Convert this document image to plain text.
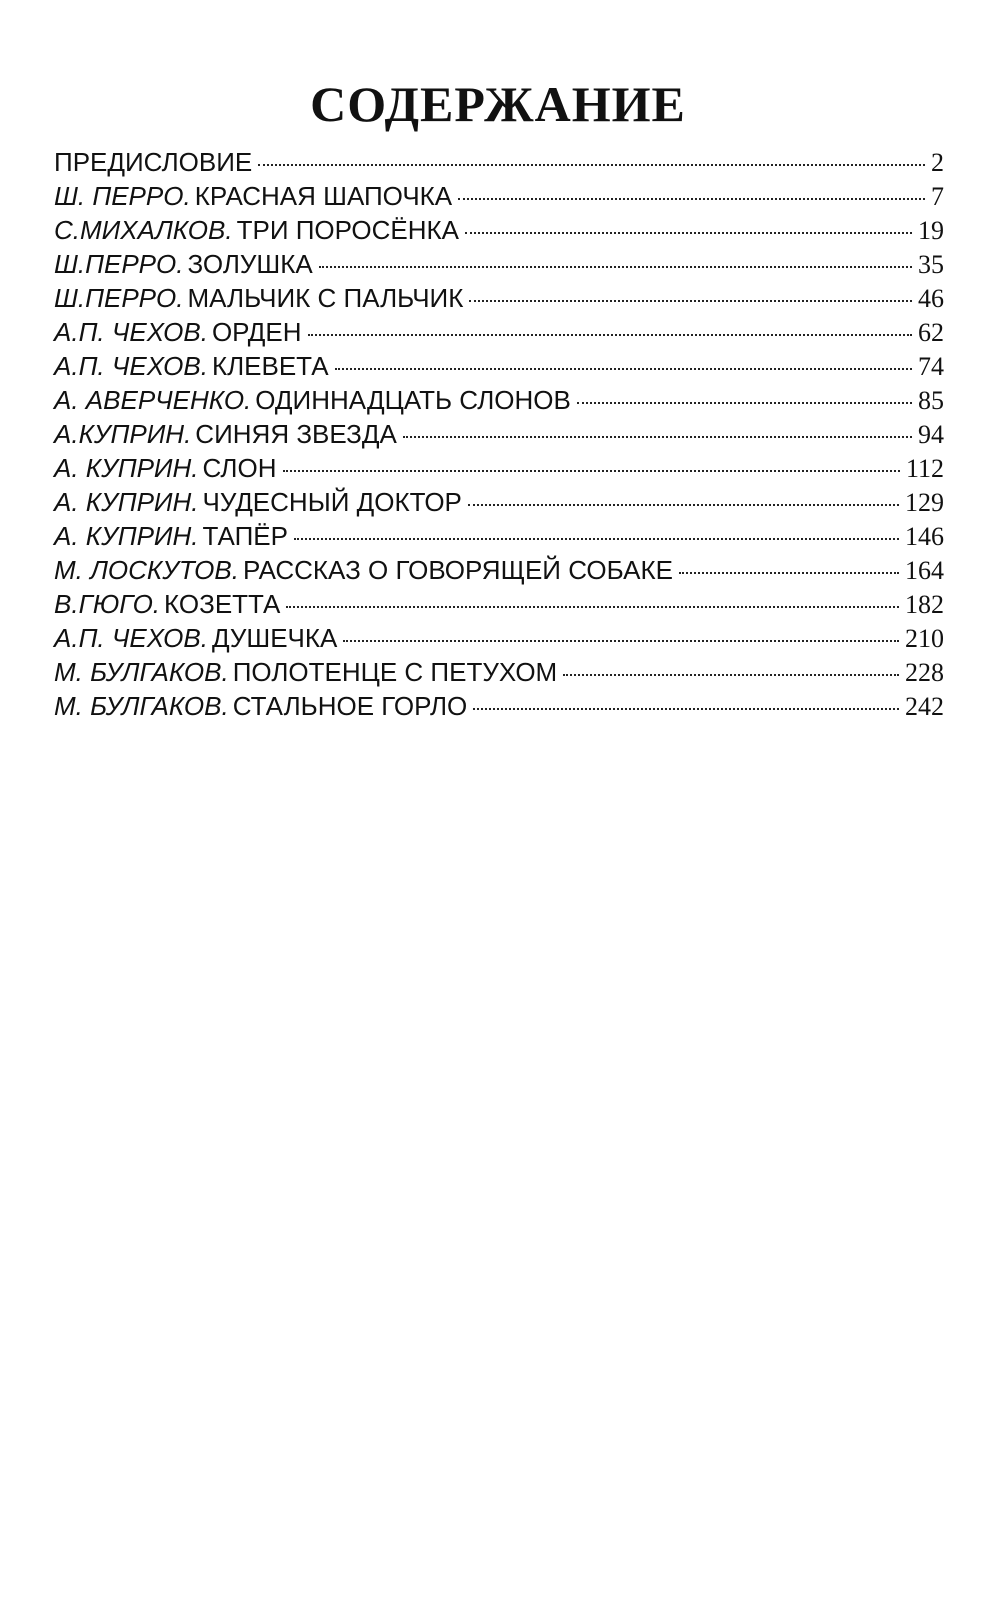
СОДЕРЖАНИЕ
ПРЕДИСЛОВИЕ	2
Ш. ПЕРРО. КРАСНАЯ ШАПОЧКА	7
С.МИХАЛКОВ. ТРИ ПОРОСЁНКА	19
Ш.ПЕРРО. ЗОЛУШКА	35
Ш.ПЕРРО. МАЛЬЧИК С ПАЛЬЧИК	46
А.П. ЧЕХОВ. ОРДЕН	62
А.П. ЧЕХОВ. КЛЕВЕТА	74
А. АВЕРЧЕНКО. ОДИННАДЦАТЬ СЛОНОВ	85
А.КУПРИН. СИНЯЯ ЗВЕЗДА	94
А. КУПРИН. СЛОН	112
А. КУПРИН. ЧУДЕСНЫЙ ДОКТОР	129
А. КУПРИН. ТАПЁР	146
М. ЛОСКУТОВ. РАССКАЗ О ГОВОРЯЩЕЙ СОБАКЕ	164
В.ГЮГО. КОЗЕТТА	182
А.П. ЧЕХОВ. ДУШЕЧКА	210
М. БУЛГАКОВ. ПОЛОТЕНЦЕ С ПЕТУХОМ	228
М. БУЛГАКОВ. СТАЛЬНОЕ ГОРЛО	242
